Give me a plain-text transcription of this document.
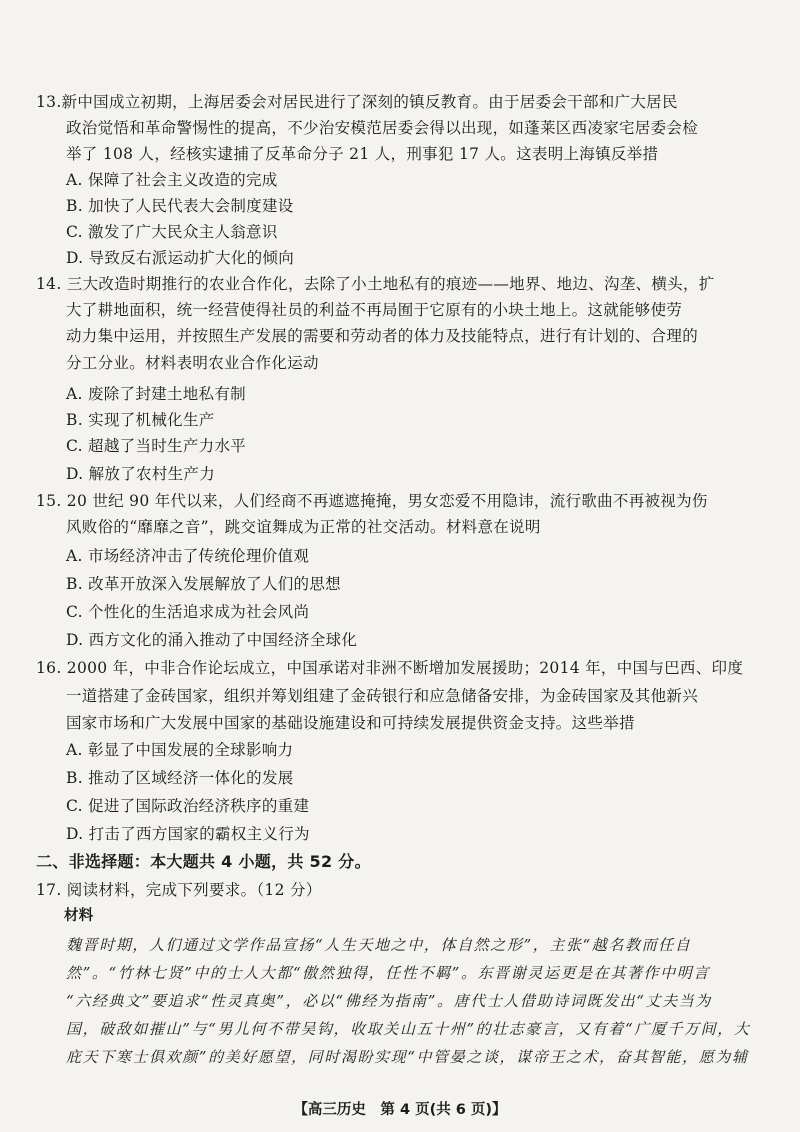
13.新中国成立初期，上海居委会对居民进行了深刻的镇反教育。由于居委会干部和广大居民
政治觉悟和革命警惕性的提高，不少治安模范居委会得以出现，如蓬莱区西凌家宅居委会检
举了 108 人，经核实逮捕了反革命分子 21 人，刑事犯 17 人。这表明上海镇反举措
A. 保障了社会主义改造的完成
B. 加快了人民代表大会制度建设
C. 激发了广大民众主人翁意识
D. 导致反右派运动扩大化的倾向
14. 三大改造时期推行的农业合作化，去除了小土地私有的痕迹——地界、地边、沟垄、横头，扩
大了耕地面积，统一经营使得社员的利益不再局囿于它原有的小块土地上。这就能够使劳
动力集中运用，并按照生产发展的需要和劳动者的体力及技能特点，进行有计划的、合理的
分工分业。材料表明农业合作化运动
A. 废除了封建土地私有制
B. 实现了机械化生产
C. 超越了当时生产力水平
D. 解放了农村生产力
15. 20 世纪 90 年代以来，人们经商不再遮遮掩掩，男女恋爱不用隐讳，流行歌曲不再被视为伤
风败俗的“靡靡之音”，跳交谊舞成为正常的社交活动。材料意在说明
A. 市场经济冲击了传统伦理价值观
B. 改革开放深入发展解放了人们的思想
C. 个性化的生活追求成为社会风尚
D. 西方文化的涌入推动了中国经济全球化
16. 2000 年，中非合作论坛成立，中国承诺对非洲不断增加发展援助；2014 年，中国与巴西、印度
一道搭建了金砖国家，组织并筹划组建了金砖银行和应急储备安排，为金砖国家及其他新兴
国家市场和广大发展中国家的基础设施建设和可持续发展提供资金支持。这些举措
A. 彰显了中国发展的全球影响力
B. 推动了区域经济一体化的发展
C. 促进了国际政治经济秩序的重建
D. 打击了西方国家的霸权主义行为
二、非选择题：本大题共 4 小题，共 52 分。
17. 阅读材料，完成下列要求。（12 分）
材料
魏晋时期，人们通过文学作品宣扬“人生天地之中，体自然之形”，主张“越名教而任自
然”。“竹林七贤”中的士人大都“傲然独得，任性不羁”。东晋谢灵运更是在其著作中明言
“六经典文”要追求“性灵真奥”，必以“佛经为指南”。唐代士人借助诗词既发出“丈夫当为
国，破敌如摧山”与“男儿何不带吴钩，收取关山五十州”的壮志豪言，又有着“广厦千万间，大
庇天下寒士俱欢颜”的美好愿望，同时渴盼实现“中管晏之谈，谋帝王之术，奋其智能，愿为辅
【高三历史　第 4 页(共 6 页)】
